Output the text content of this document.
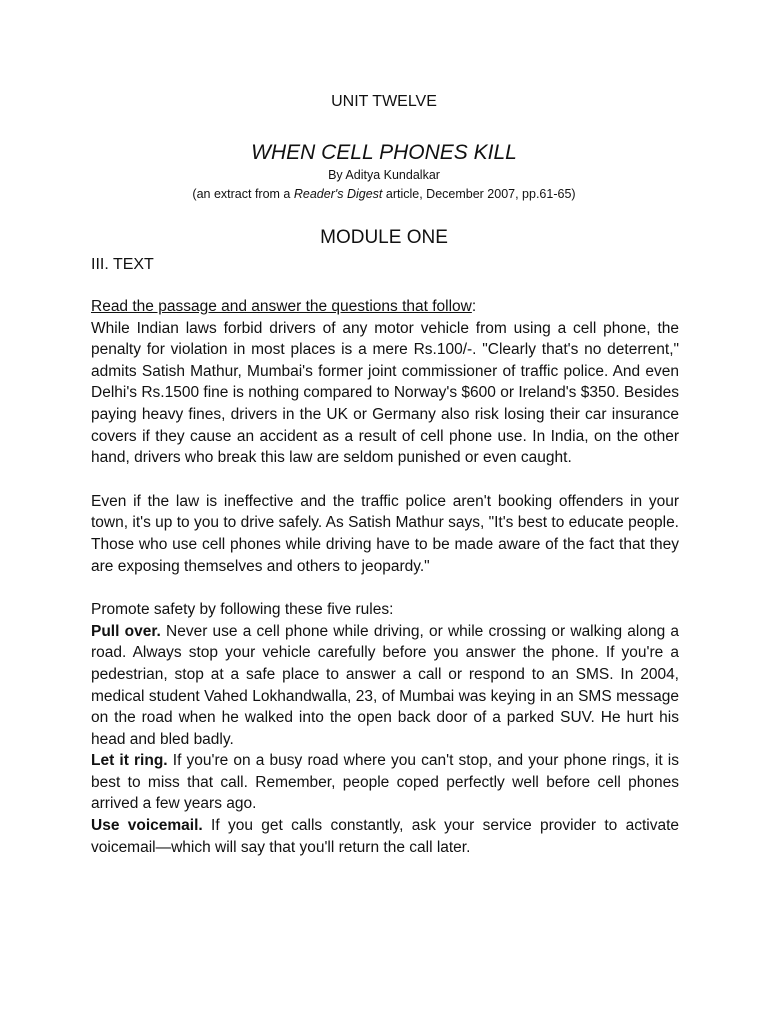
UNIT TWELVE
WHEN CELL PHONES KILL
By Aditya Kundalkar
(an extract from a Reader's Digest article, December 2007, pp.61-65)
MODULE ONE
III. TEXT

Read the passage and answer the questions that follow:

While Indian laws forbid drivers of any motor vehicle from using a cell phone, the penalty for violation in most places is a mere Rs.100/-. "Clearly that's no deterrent," admits Satish Mathur, Mumbai's former joint commissioner of traffic police. And even Delhi's Rs.1500 fine is nothing compared to Norway's $600 or Ireland's $350. Besides paying heavy fines, drivers in the UK or Germany also risk losing their car insurance covers if they cause an accident as a result of cell phone use. In India, on the other hand, drivers who break this law are seldom punished or even caught.

Even if the law is ineffective and the traffic police aren't booking offenders in your town, it's up to you to drive safely. As Satish Mathur says, "It's best to educate people. Those who use cell phones while driving have to be made aware of the fact that they are exposing themselves and others to jeopardy."

Promote safety by following these five rules:

Pull over. Never use a cell phone while driving, or while crossing or walking along a road. Always stop your vehicle carefully before you answer the phone. If you're a pedestrian, stop at a safe place to answer a call or respond to an SMS. In 2004, medical student Vahed Lokhandwalla, 23, of Mumbai was keying in an SMS message on the road when he walked into the open back door of a parked SUV. He hurt his head and bled badly.

Let it ring. If you're on a busy road where you can't stop, and your phone rings, it is best to miss that call. Remember, people coped perfectly well before cell phones arrived a few years ago.

Use voicemail. If you get calls constantly, ask your service provider to activate voicemail—which will say that you'll return the call later.
